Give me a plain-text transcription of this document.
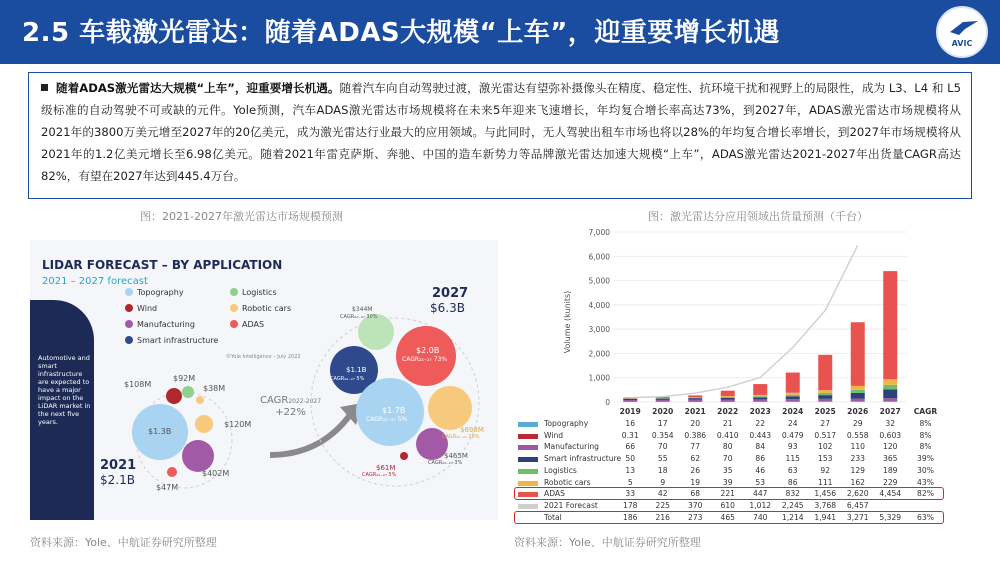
2.5 车载激光雷达：随着ADAS大规模“上车”，迎重要增长机遇	AVIC

随着ADAS激光雷达大规模“上车”，迎重要增长机遇。随着汽车向自动驾驶过渡，激光雷达有望弥补摄像头在精度、稳定性、抗环境干扰和视野上的局限性，成为 L3、L4 和 L5 级标准的自动驾驶不可或缺的元件。Yole预测，汽车ADAS激光雷达市场规模将在未来5年迎来飞速增长，年均复合增长率高达73%，到2027年，ADAS激光雷达市场规模将从2021年的3800万美元增至2027年的20亿美元，成为激光雷达行业最大的应用领域。与此同时，无人驾驶出租车市场也将以28%的年均复合增长率增长，到2027年市场规模将从2021年的1.2亿美元增长至6.98亿美元。随着2021年雷克萨斯、奔驰、中国的造车新势力等品牌激光雷达加速大规模“上车”，ADAS激光雷达2021-2027年出货量CAGR高达82%，有望在2027年达到445.4万台。

图：2021-2027年激光雷达市场规模预测	图：激光雷达分应用领域出货量预测（千台）
LIDAR FORECAST – BY APPLICATION
2021 – 2027 forecast
Automotive and smart infrastructure are expected to have a major impact on the LiDAR market in the next five years.
Topography	Logistics
Wind	Robotic cars
Manufacturing	ADAS
Smart infrastructure
©Yole Intelligence – July 2022
$1.3B
$108M
$92M
$38M
$120M
$402M
$47M
2021
$2.1B
CAGR2022-2027
+22%
2027
$6.3B
$344M
CAGR₂₂₋₂₇ 30%
$2.0B
CAGR₂₂₋₂₇ 73%
$1.1B
CAGR₂₂₋₂₇ 5%
$1.7B
CAGR₂₂₋₂₇ 5%
$698M
CAGR₂₂₋₂₇ 28%
$465M
CAGR₂₂₋₂₇ 3%
$61M
CAGR₂₂₋₂₇ 5%
资料来源：Yole、中航证券研究所整理
0
1,000
2,000
3,000
4,000
5,000
6,000
7,000
Volume (kunits)
2019	2020	2021	2022	2023	2024	2025	2026	2027	CAGR
Topography	16	17	20	21	22	24	27	29	32	8%
Wind	0.31	0.354	0.386	0.410	0.443	0.479	0.517	0.558	0.603	8%
Manufacturing	66	70	77	80	84	93	102	110	120	8%
Smart infrastructure 50	55	62	70	86	115	153	233	365	39%
Logistics	13	18	26	35	46	63	92	129	189	30%
Robotic cars	5	9	19	39	53	86	111	162	229	43%
ADAS	33	42	68	221	447	832	1,456	2,620	4,454	82%
2021 Forecast	178	225	370	610	1,012	2,245	3,768	6,457
Total	186	216	273	465	740	1,214	1,941	3,271	5,329	63%
资料来源：Yole、中航证券研究所整理
